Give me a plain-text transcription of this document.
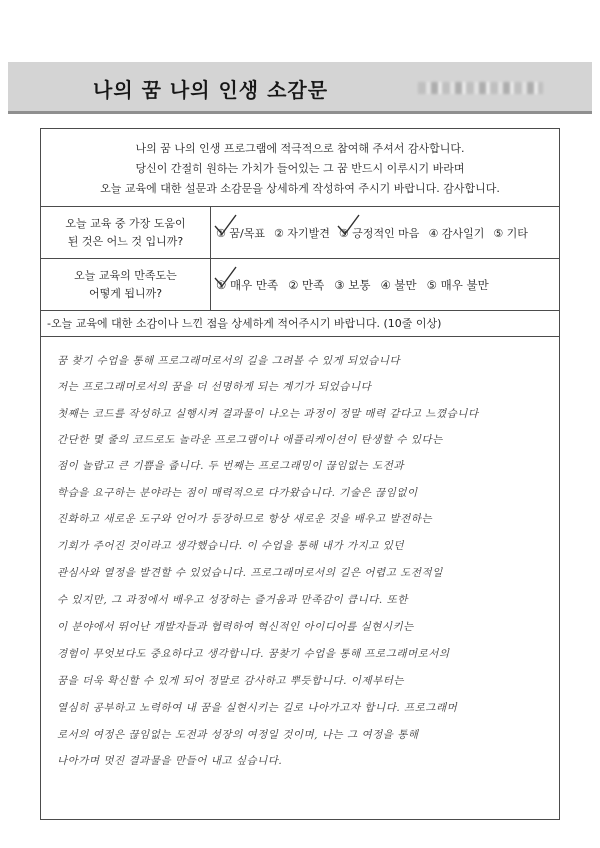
나의 꿈 나의 인생 소감문
나의 꿈 나의 인생 프로그램에 적극적으로 참여해 주셔서 감사합니다.
당신이 간절히 원하는 가치가 들어있는 그 꿈 반드시 이루시기 바라며
오늘 교육에 대한 설문과 소감문을 상세하게 작성하여 주시기 바랍니다. 감사합니다.
오늘 교육 중 가장 도움이
된 것은 어느 것 입니까?
① 꿈/목표 ② 자기발견 ③ 긍정적인 마음 ④ 감사일기 ⑤ 기타
오늘 교육의 만족도는
어떻게 됩니까?
① 매우 만족 ② 만족 ③ 보통 ④ 불만 ⑤ 매우 불만
-오늘 교육에 대한 소감이나 느낀 점을 상세하게 적어주시기 바랍니다. (10줄 이상)
꿈 찾기 수업을 통해 프로그래머로서의 길을 그려볼 수 있게 되었습니다
저는 프로그래머로서의 꿈을 더 선명하게 되는 계기가 되었습니다
첫째는 코드를 작성하고 실행시켜 결과물이 나오는 과정이 정말 매력 같다고 느꼈습니다
간단한 몇 줄의 코드로도 놀라운 프로그램이나 애플리케이션이 탄생할 수 있다는
점이 놀랍고 큰 기쁨을 줍니다. 두 번째는 프로그래밍이 끊임없는 도전과
학습을 요구하는 분야라는 점이 매력적으로 다가왔습니다. 기술은 끊임없이
진화하고 새로운 도구와 언어가 등장하므로 항상 새로운 것을 배우고 발전하는
기회가 주어진 것이라고 생각했습니다. 이 수업을 통해 내가 가지고 있던
관심사와 열정을 발견할 수 있었습니다. 프로그래머로서의 길은 어렵고 도전적일
수 있지만, 그 과정에서 배우고 성장하는 즐거움과 만족감이 큽니다. 또한
이 분야에서 뛰어난 개발자들과 협력하여 혁신적인 아이디어를 실현시키는
경험이 무엇보다도 중요하다고 생각합니다. 꿈찾기 수업을 통해 프로그래머로서의
꿈을 더욱 확신할 수 있게 되어 정말로 감사하고 뿌듯합니다. 이제부터는
열심히 공부하고 노력하여 내 꿈을 실현시키는 길로 나아가고자 합니다. 프로그래머
로서의 여정은 끊임없는 도전과 성장의 여정일 것이며, 나는 그 여정을 통해
나아가며 멋진 결과물을 만들어 내고 싶습니다.
